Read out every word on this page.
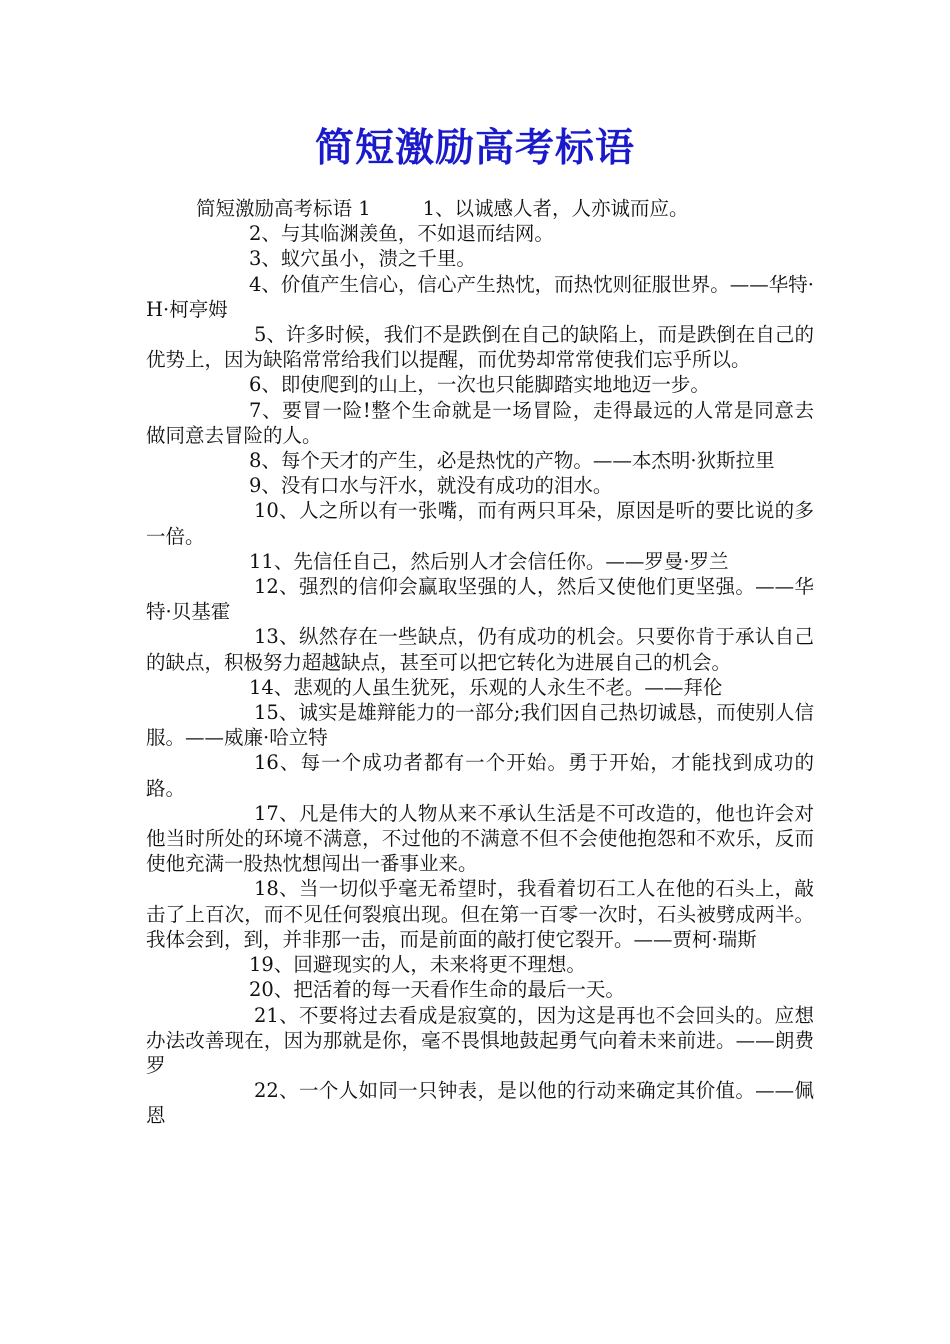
简短激励高考标语

简短激励高考标语 1	1、以诚感人者，人亦诚而应。

2、与其临渊羡鱼，不如退而结网。

3、蚁穴虽小，溃之千里。

4、价值产生信心，信心产生热忱，而热忱则征服世界。——华特·H·柯亭姆

5、许多时候，我们不是跌倒在自己的缺陷上，而是跌倒在自己的优势上，因为缺陷常常给我们以提醒，而优势却常常使我们忘乎所以。

6、即使爬到的山上，一次也只能脚踏实地地迈一步。

7、要冒一险!整个生命就是一场冒险，走得最远的人常是同意去做同意去冒险的人。

8、每个天才的产生，必是热忱的产物。——本杰明·狄斯拉里

9、没有口水与汗水，就没有成功的泪水。

10、人之所以有一张嘴，而有两只耳朵，原因是听的要比说的多一倍。

11、先信任自己，然后别人才会信任你。——罗曼·罗兰

12、强烈的信仰会赢取坚强的人，然后又使他们更坚强。——华特·贝基霍

13、纵然存在一些缺点，仍有成功的机会。只要你肯于承认自己的缺点，积极努力超越缺点，甚至可以把它转化为进展自己的机会。

14、悲观的人虽生犹死，乐观的人永生不老。——拜伦

15、诚实是雄辩能力的一部分;我们因自己热切诚恳，而使别人信服。——威廉·哈立特

16、每一个成功者都有一个开始。勇于开始，才能找到成功的路。

17、凡是伟大的人物从来不承认生活是不可改造的，他也许会对他当时所处的环境不满意，不过他的不满意不但不会使他抱怨和不欢乐，反而使他充满一股热忱想闯出一番事业来。

18、当一切似乎毫无希望时，我看着切石工人在他的石头上，敲击了上百次，而不见任何裂痕出现。但在第一百零一次时，石头被劈成两半。我体会到，到，并非那一击，而是前面的敲打使它裂开。——贾柯·瑞斯

19、回避现实的人，未来将更不理想。

20、把活着的每一天看作生命的最后一天。

21、不要将过去看成是寂寞的，因为这是再也不会回头的。应想办法改善现在，因为那就是你，毫不畏惧地鼓起勇气向着未来前进。——朗费罗

22、一个人如同一只钟表，是以他的行动来确定其价值。——佩恩
